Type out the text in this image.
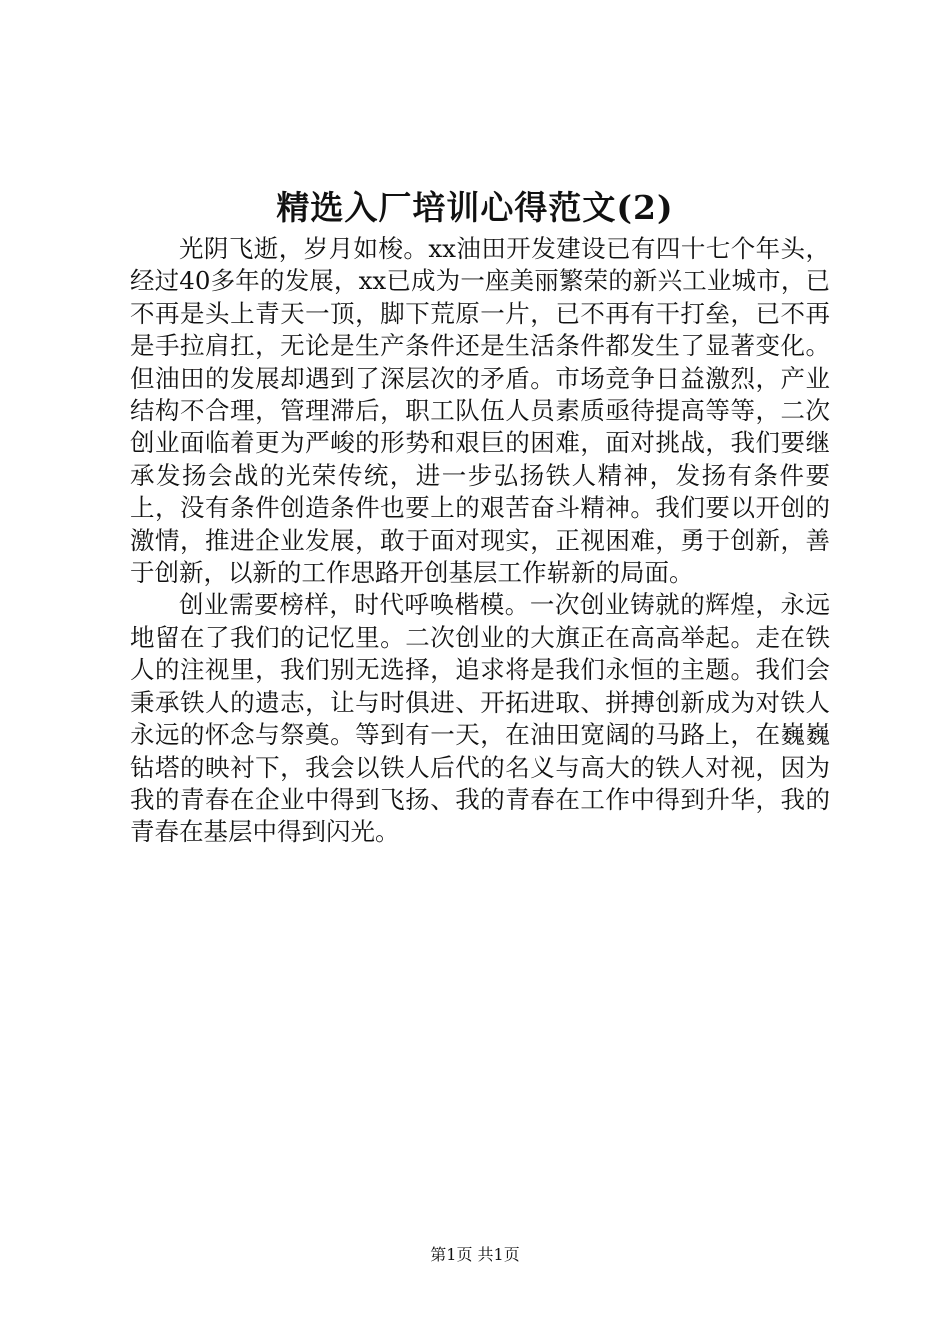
精选入厂培训心得范文(2)

光阴飞逝，岁月如梭。xx油田开发建设已有四十七个年头，经过40多年的发展，xx已成为一座美丽繁荣的新兴工业城市，已不再是头上青天一顶，脚下荒原一片，已不再有干打垒，已不再是手拉肩扛，无论是生产条件还是生活条件都发生了显著变化。但油田的发展却遇到了深层次的矛盾。市场竞争日益激烈，产业结构不合理，管理滞后，职工队伍人员素质亟待提高等等，二次创业面临着更为严峻的形势和艰巨的困难，面对挑战，我们要继承发扬会战的光荣传统，进一步弘扬铁人精神，发扬有条件要上，没有条件创造条件也要上的艰苦奋斗精神。我们要以开创的激情，推进企业发展，敢于面对现实，正视困难，勇于创新，善于创新，以新的工作思路开创基层工作崭新的局面。

创业需要榜样，时代呼唤楷模。一次创业铸就的辉煌，永远地留在了我们的记忆里。二次创业的大旗正在高高举起。走在铁人的注视里，我们别无选择，追求将是我们永恒的主题。我们会秉承铁人的遗志，让与时俱进、开拓进取、拼搏创新成为对铁人永远的怀念与祭奠。等到有一天，在油田宽阔的马路上，在巍巍钻塔的映衬下，我会以铁人后代的名义与高大的铁人对视，因为我的青春在企业中得到飞扬、我的青春在工作中得到升华，我的青春在基层中得到闪光。

第1页 共1页
